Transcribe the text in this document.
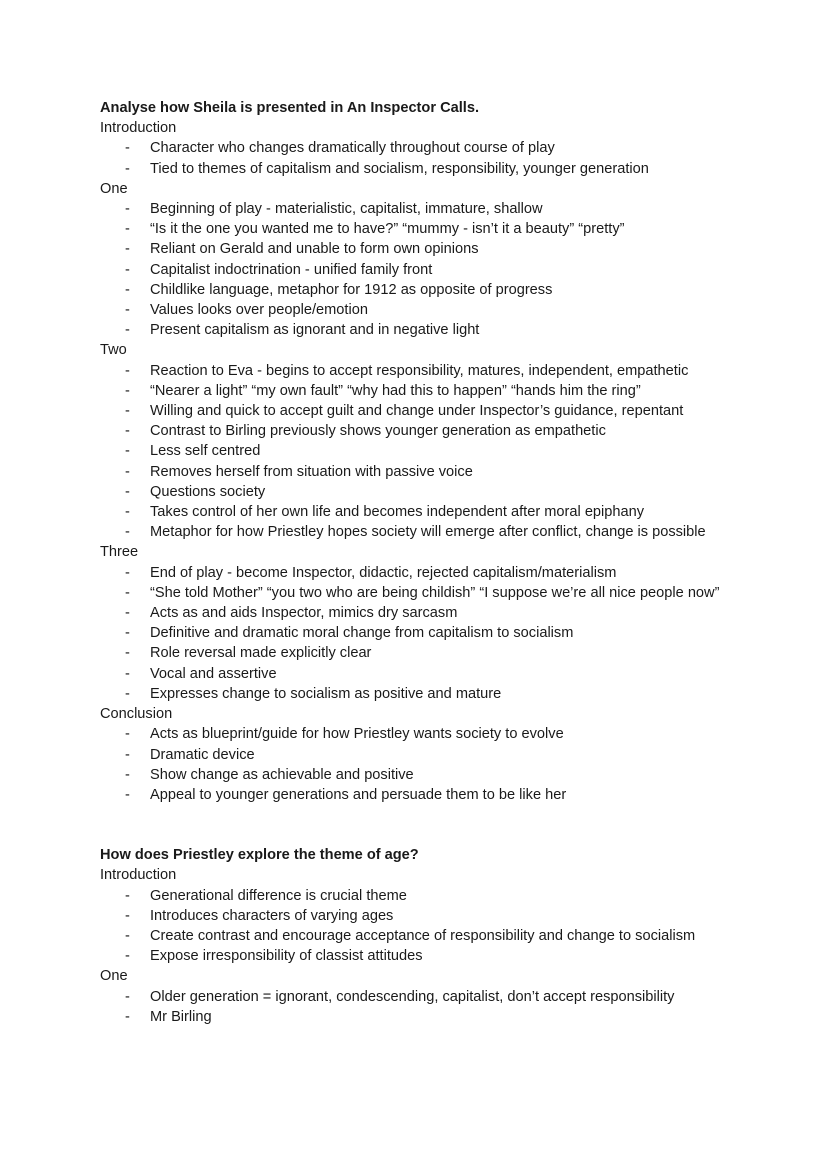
Analyse how Sheila is presented in An Inspector Calls.
Introduction
- Character who changes dramatically throughout course of play
- Tied to themes of capitalism and socialism, responsibility, younger generation
One
- Beginning of play - materialistic, capitalist, immature, shallow
- “Is it the one you wanted me to have?” “mummy - isn’t it a beauty” “pretty”
- Reliant on Gerald and unable to form own opinions
- Capitalist indoctrination - unified family front
- Childlike language, metaphor for 1912 as opposite of progress
- Values looks over people/emotion
- Present capitalism as ignorant and in negative light
Two
- Reaction to Eva - begins to accept responsibility, matures, independent, empathetic
- “Nearer a light” “my own fault” “why had this to happen” “hands him the ring”
- Willing and quick to accept guilt and change under Inspector’s guidance, repentant
- Contrast to Birling previously shows younger generation as empathetic
- Less self centred
- Removes herself from situation with passive voice
- Questions society
- Takes control of her own life and becomes independent after moral epiphany
- Metaphor for how Priestley hopes society will emerge after conflict, change is possible
Three
- End of play - become Inspector, didactic, rejected capitalism/materialism
- “She told Mother” “you two who are being childish” “I suppose we’re all nice people now”
- Acts as and aids Inspector, mimics dry sarcasm
- Definitive and dramatic moral change from capitalism to socialism
- Role reversal made explicitly clear
- Vocal and assertive
- Expresses change to socialism as positive and mature
Conclusion
- Acts as blueprint/guide for how Priestley wants society to evolve
- Dramatic device
- Show change as achievable and positive
- Appeal to younger generations and persuade them to be like her
How does Priestley explore the theme of age?
Introduction
- Generational difference is crucial theme
- Introduces characters of varying ages
- Create contrast and encourage acceptance of responsibility and change to socialism
- Expose irresponsibility of classist attitudes
One
- Older generation = ignorant, condescending, capitalist, don’t accept responsibility
- Mr Birling
